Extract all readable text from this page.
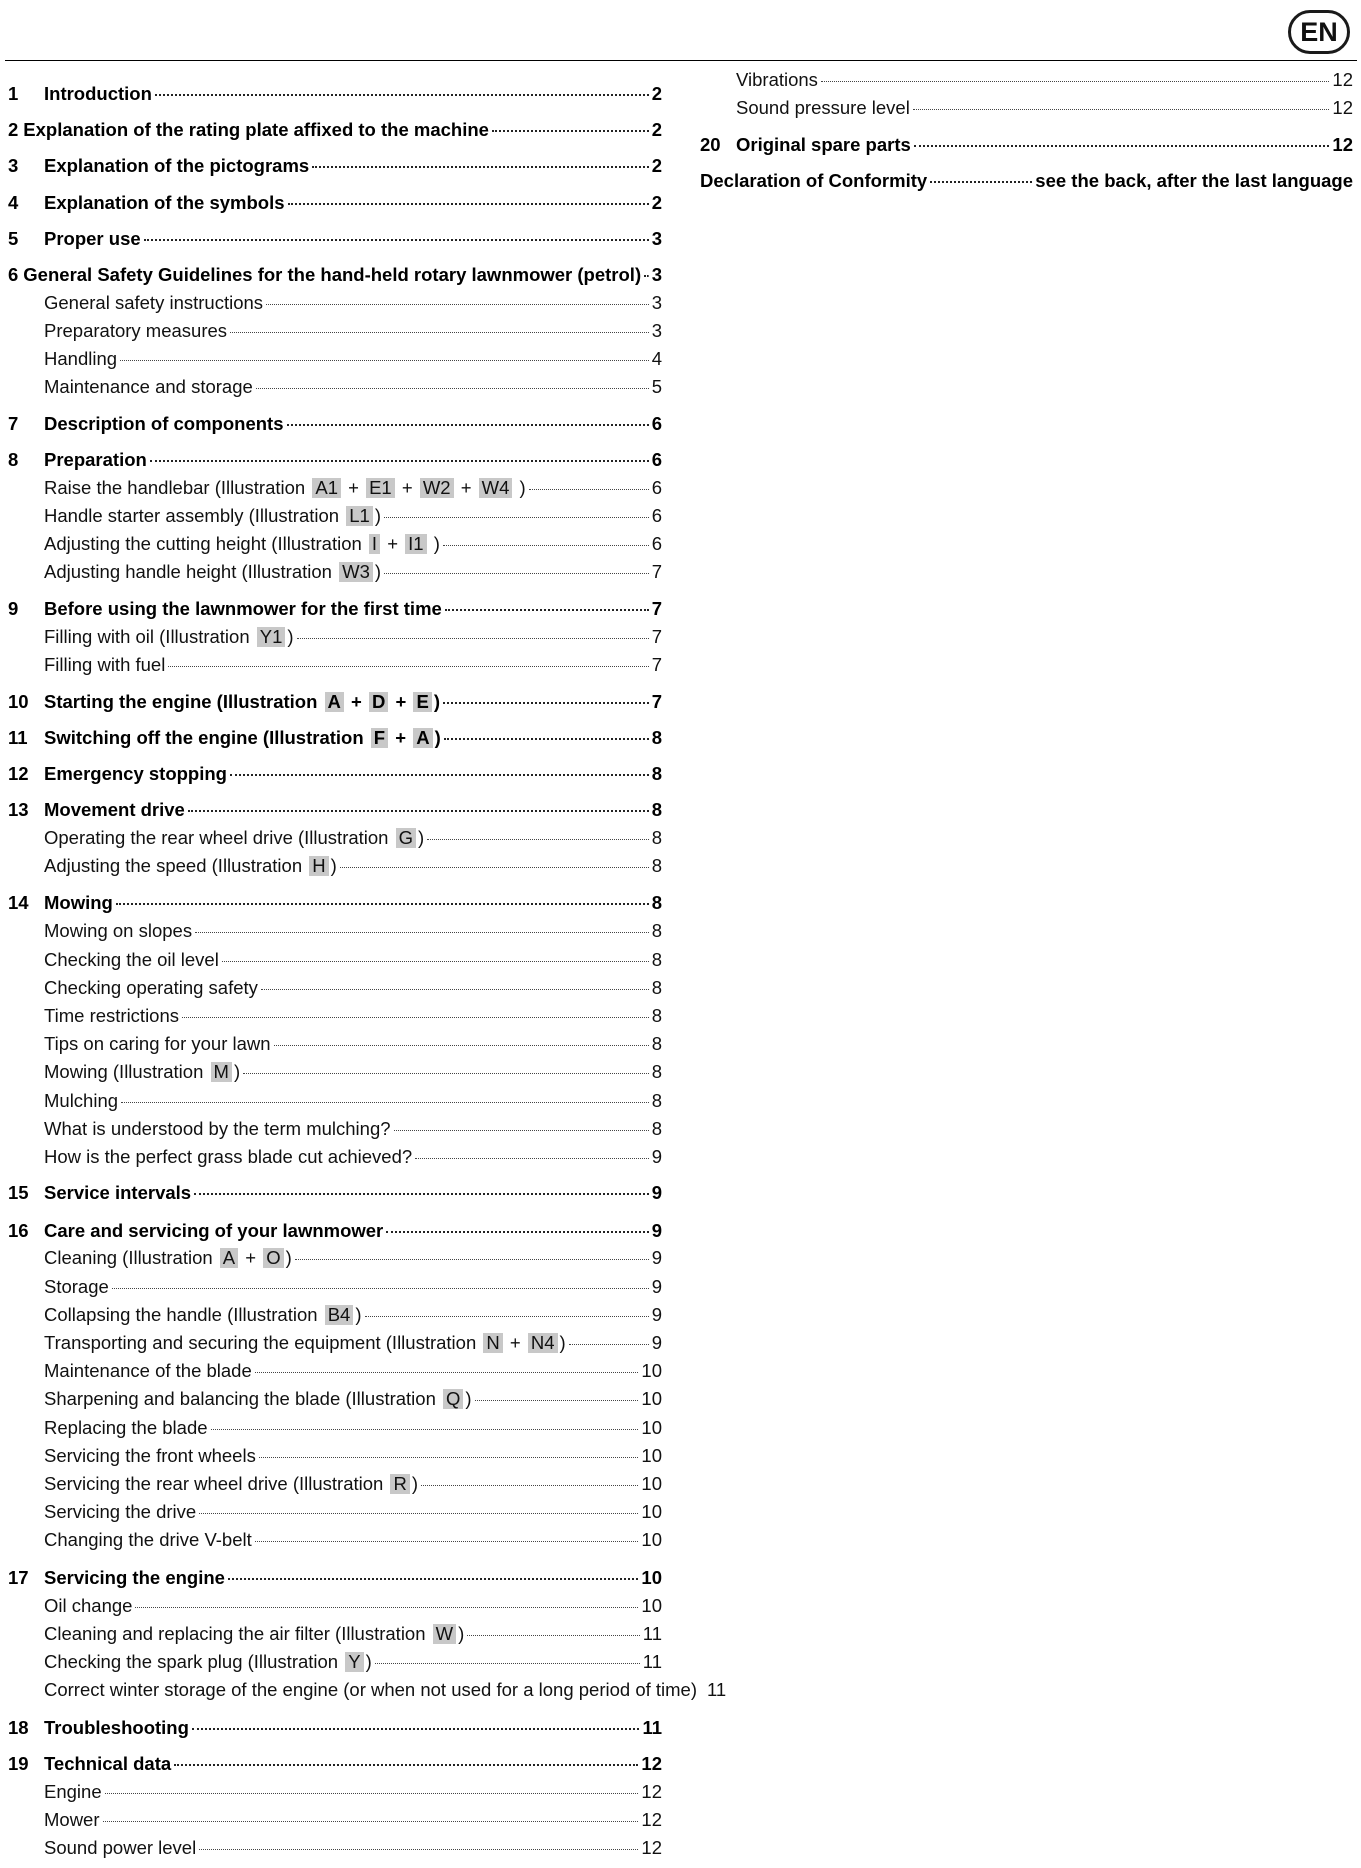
EN
1	Introduction	2
2 Explanation of the rating plate affixed to the machine	2
3	Explanation of the pictograms	2
4	Explanation of the symbols	2
5	Proper use	3
6 General Safety Guidelines for the hand-held rotary lawnmower (petrol) 3
General safety instructions	3
Preparatory measures	3
Handling	4
Maintenance and storage	5
7	Description of components	6
8	Preparation	6
Raise the handlebar (Illustration A1 + E1 + W2 + W4 )	6
Handle starter assembly (Illustration L1 )	6
Adjusting the cutting height (Illustration I + I1 )	6
Adjusting handle height (Illustration W3 )	7
9	Before using the lawnmower for the first time	7
Filling with oil (Illustration Y1 )	7
Filling with fuel	7
10 Starting the engine (Illustration A + D + E )	7
11 Switching off the engine (Illustration F + A )	8
12 Emergency stopping	8
13 Movement drive	8
Operating the rear wheel drive (Illustration G )	8
Adjusting the speed (Illustration H )	8
14 Mowing	8
Mowing on slopes	8
Checking the oil level	8
Checking operating safety	8
Time restrictions	8
Tips on caring for your lawn	8
Mowing (Illustration M )	8
Mulching	8
What is understood by the term mulching?	8
How is the perfect grass blade cut achieved?	9
15 Service intervals	9
16 Care and servicing of your lawnmower	9
Cleaning (Illustration A + O )	9
Storage	9
Collapsing the handle (Illustration B4 )	9
Transporting and securing the equipment (Illustration N + N4 )	9
Maintenance of the blade	10
Sharpening and balancing the blade (Illustration Q )	10
Replacing the blade	10
Servicing the front wheels	10
Servicing the rear wheel drive (Illustration R )	10
Servicing the drive	10
Changing the drive V-belt	10
17 Servicing the engine	10
Oil change	10
Cleaning and replacing the air filter (Illustration W )	11
Checking the spark plug (Illustration Y )	11
Correct winter storage of the engine (or when not used for a long period of time) 11
18 Troubleshooting	11
19 Technical data	12
Engine	12
Mower	12
Sound power level	12
Vibrations	12
Sound pressure level	12
20 Original spare parts	12
Declaration of Conformity	see the back, after the last language
